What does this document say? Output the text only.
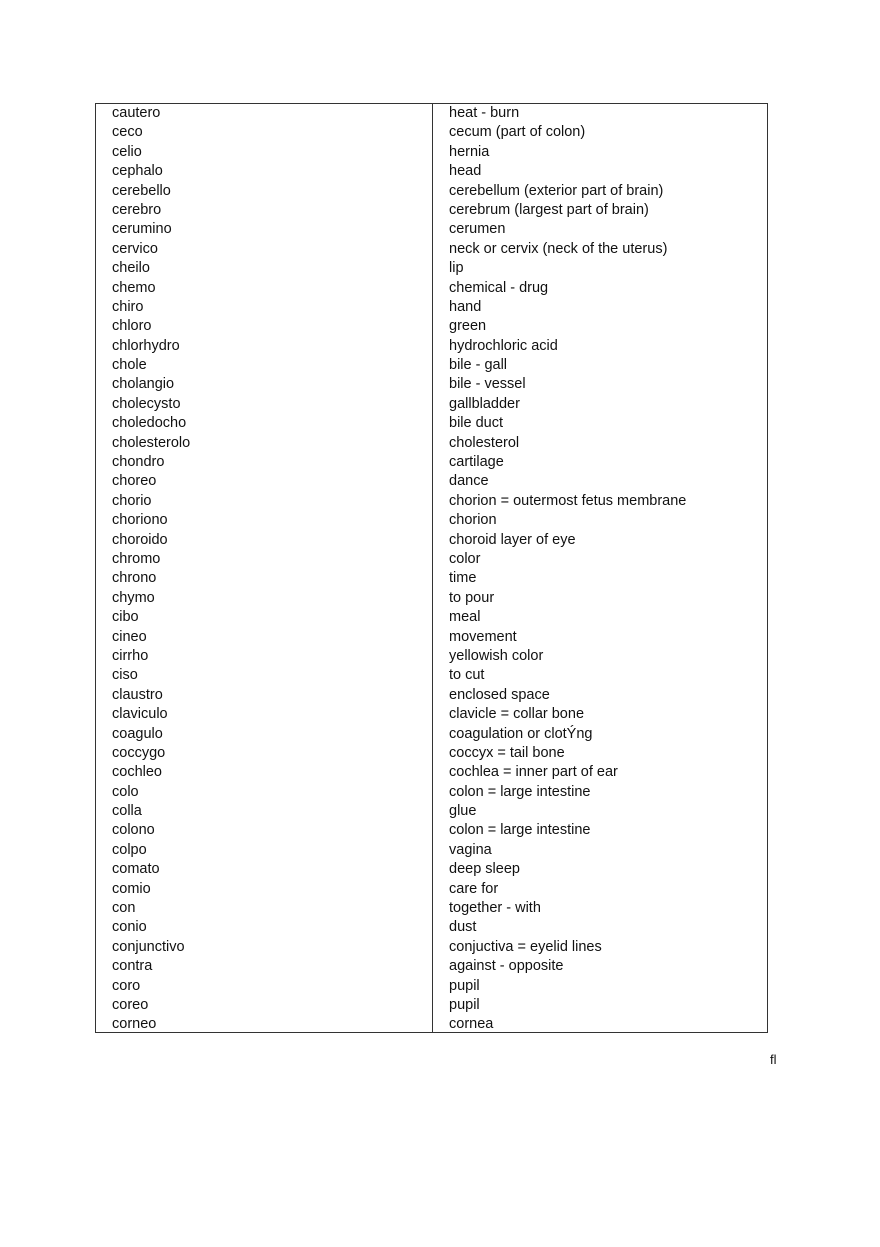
cautero	heat - burn
ceco	cecum (part of colon)
celio	hernia
cephalo	head
cerebello	cerebellum (exterior part of brain)
cerebro	cerebrum (largest part of brain)
cerumino	cerumen
cervico	neck or cervix (neck of the uterus)
cheilo	lip
chemo	chemical - drug
chiro	hand
chloro	green
chlorhydro	hydrochloric acid
chole	bile - gall
cholangio	bile - vessel
cholecysto	gallbladder
choledocho	bile duct
cholesterolo	cholesterol
chondro	cartilage
choreo	dance
chorio	chorion = outermost fetus membrane
choriono	chorion
choroido	choroid layer of eye
chromo	color
chrono	time
chymo	to pour
cibo	meal
cineo	movement
cirrho	yellowish color
ciso	to cut
claustro	enclosed space
claviculo	clavicle = collar bone
coagulo	coagulation or clotÝng
coccygo	coccyx = tail bone
cochleo	cochlea = inner part of ear
colo	colon = large intestine
colla	glue
colono	colon = large intestine
colpo	vagina
comato	deep sleep
comio	care for
con	together - with
conio	dust
conjunctivo	conjuctiva = eyelid lines
contra	against - opposite
coro	pupil
coreo	pupil
corneo	cornea
fl
